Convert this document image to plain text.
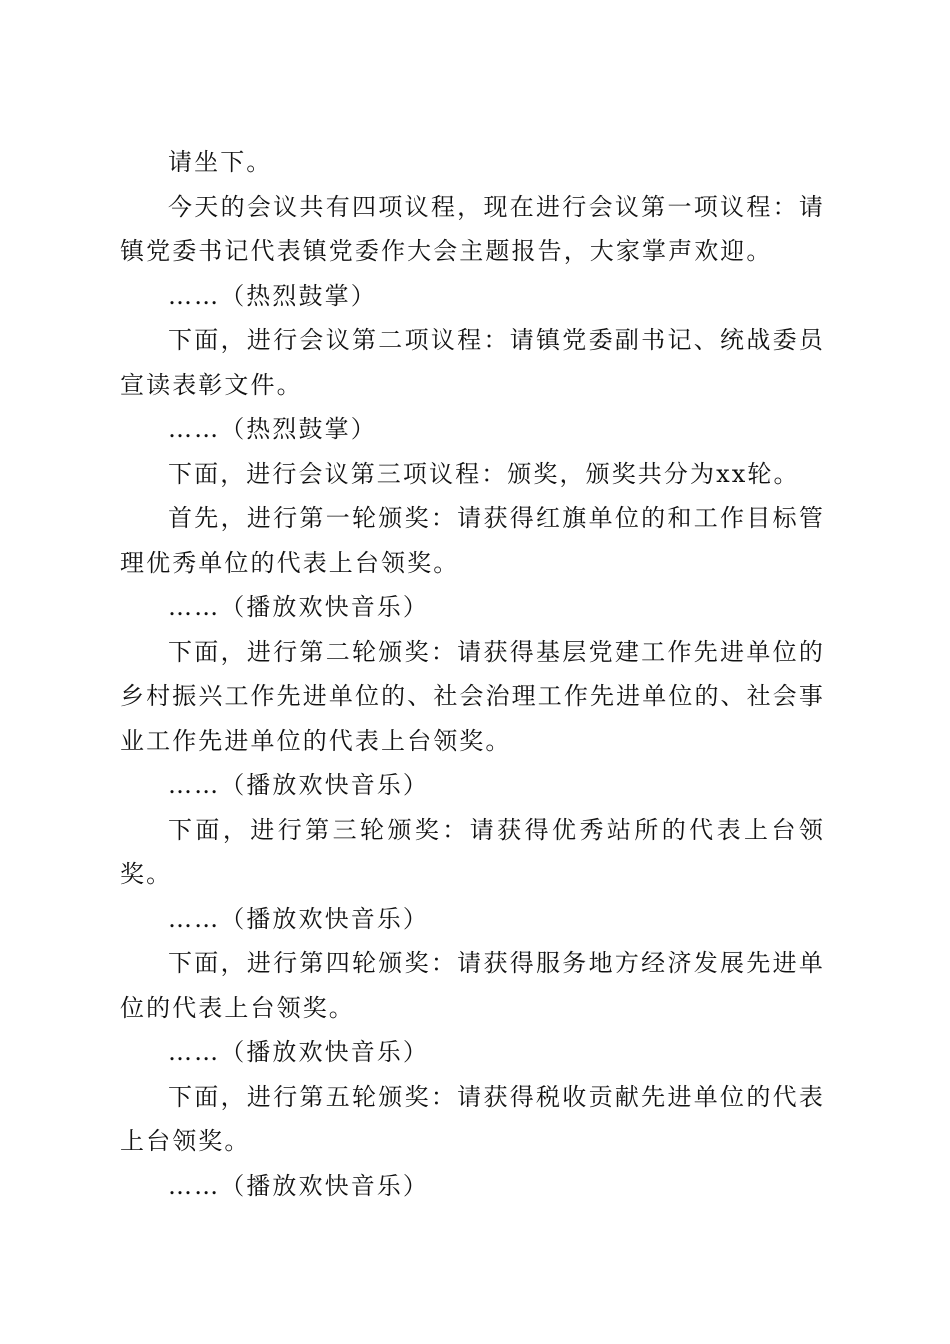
请坐下。

今天的会议共有四项议程，现在进行会议第一项议程：请镇党委书记代表镇党委作大会主题报告，大家掌声欢迎。

……（热烈鼓掌）

下面，进行会议第二项议程：请镇党委副书记、统战委员宣读表彰文件。

……（热烈鼓掌）

下面，进行会议第三项议程：颁奖，颁奖共分为xx轮。

首先，进行第一轮颁奖：请获得红旗单位的和工作目标管理优秀单位的代表上台领奖。

……（播放欢快音乐）

下面，进行第二轮颁奖：请获得基层党建工作先进单位的乡村振兴工作先进单位的、社会治理工作先进单位的、社会事业工作先进单位的代表上台领奖。

……（播放欢快音乐）

下面，进行第三轮颁奖：请获得优秀站所的代表上台领奖。

……（播放欢快音乐）

下面，进行第四轮颁奖：请获得服务地方经济发展先进单位的代表上台领奖。

……（播放欢快音乐）

下面，进行第五轮颁奖：请获得税收贡献先进单位的代表上台领奖。

……（播放欢快音乐）
